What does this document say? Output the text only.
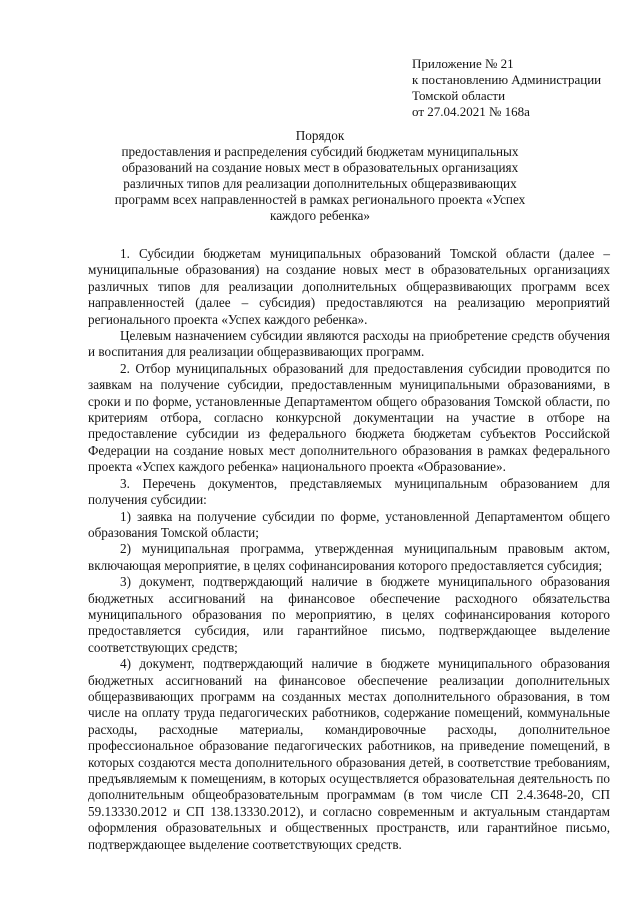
Приложение № 21
к постановлению Администрации
Томской области
от 27.04.2021 № 168а
Порядок
предоставления и распределения субсидий бюджетам муниципальных образований на создание новых мест в образовательных организациях различных типов для реализации дополнительных общеразвивающих программ всех направленностей в рамках регионального проекта «Успех каждого ребенка»

1. Субсидии бюджетам муниципальных образований Томской области (далее – муниципальные образования) на создание новых мест в образовательных организациях различных типов для реализации дополнительных общеразвивающих программ всех направленностей (далее – субсидия) предоставляются на реализацию мероприятий регионального проекта «Успех каждого ребенка».

Целевым назначением субсидии являются расходы на приобретение средств обучения и воспитания для реализации общеразвивающих программ.

2. Отбор муниципальных образований для предоставления субсидии проводится по заявкам на получение субсидии, предоставленным муниципальными образованиями, в сроки и по форме, установленные Департаментом общего образования Томской области, по критериям отбора, согласно конкурсной документации на участие в отборе на предоставление субсидии из федерального бюджета бюджетам субъектов Российской Федерации на создание новых мест дополнительного образования в рамках федерального проекта «Успех каждого ребенка» национального проекта «Образование».

3. Перечень документов, представляемых муниципальным образованием для получения субсидии:

1) заявка на получение субсидии по форме, установленной Департаментом общего образования Томской области;

2) муниципальная программа, утвержденная муниципальным правовым актом, включающая мероприятие, в целях софинансирования которого предоставляется субсидия;

3) документ, подтверждающий наличие в бюджете муниципального образования бюджетных ассигнований на финансовое обеспечение расходного обязательства муниципального образования по мероприятию, в целях софинансирования которого предоставляется субсидия, или гарантийное письмо, подтверждающее выделение соответствующих средств;

4) документ, подтверждающий наличие в бюджете муниципального образования бюджетных ассигнований на финансовое обеспечение реализации дополнительных общеразвивающих программ на созданных местах дополнительного образования, в том числе на оплату труда педагогических работников, содержание помещений, коммунальные расходы, расходные материалы, командировочные расходы, дополнительное профессиональное образование педагогических работников, на приведение помещений, в которых создаются места дополнительного образования детей, в соответствие требованиям, предъявляемым к помещениям, в которых осуществляется образовательная деятельность по дополнительным общеобразовательным программам (в том числе СП 2.4.3648-20, СП 59.13330.2012 и СП 138.13330.2012), и согласно современным и актуальным стандартам оформления образовательных и общественных пространств, или гарантийное письмо, подтверждающее выделение соответствующих средств.
